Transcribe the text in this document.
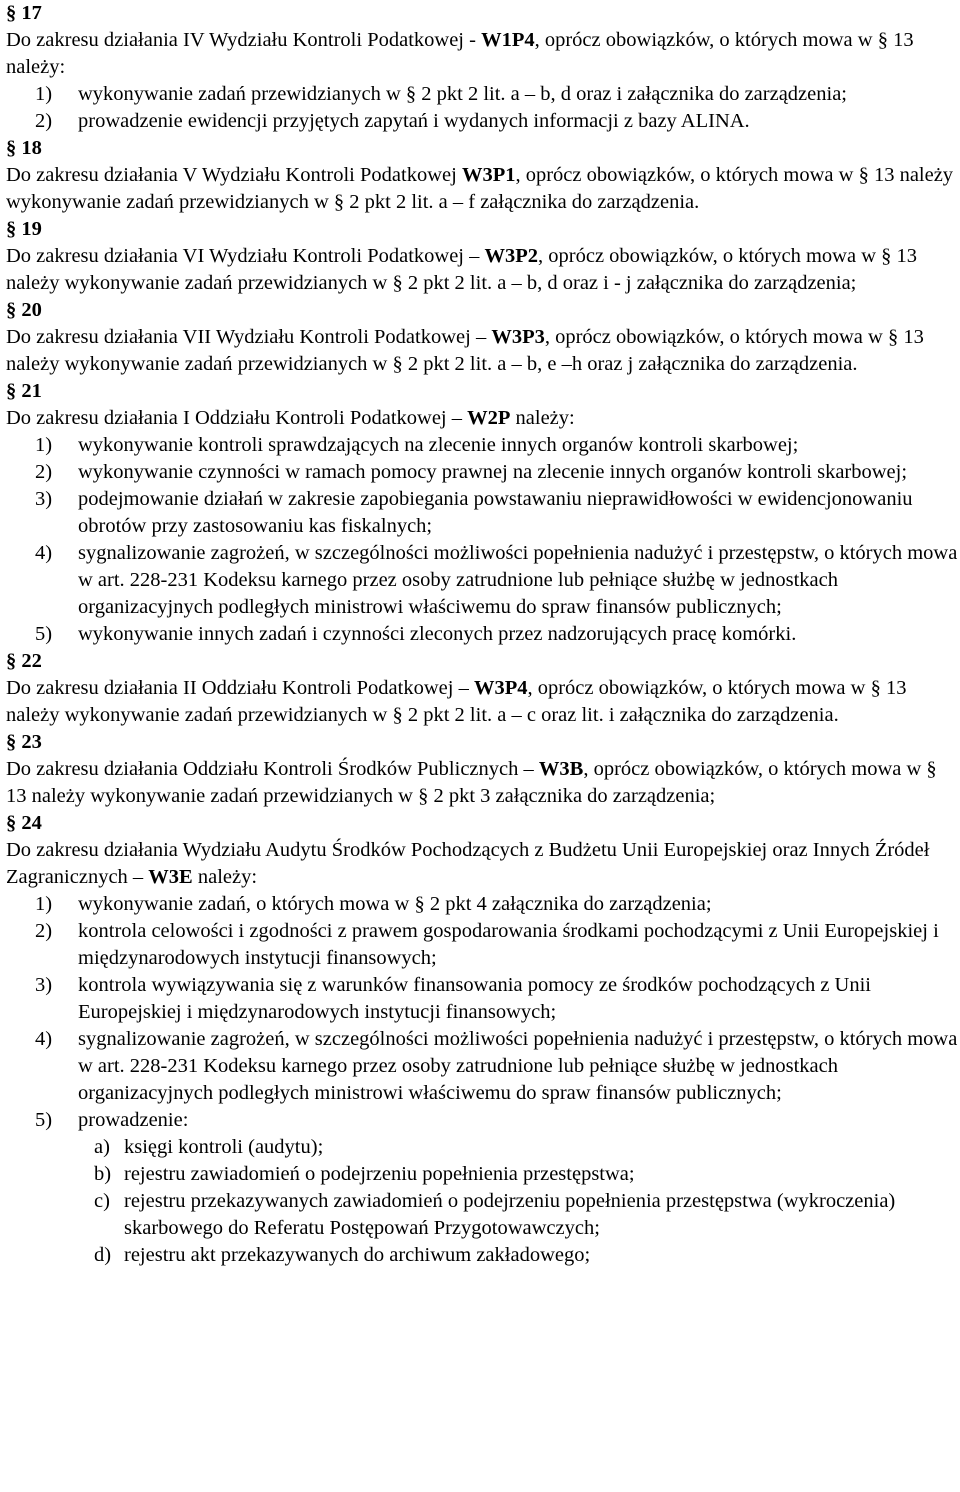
§ 17

Do zakresu działania IV Wydziału Kontroli Podatkowej - W1P4, oprócz obowiązków, o których mowa w § 13 należy:

1) wykonywanie zadań przewidzianych w § 2 pkt 2 lit. a – b, d oraz i załącznika do zarządzenia;
2) prowadzenie ewidencji przyjętych zapytań i wydanych informacji z bazy ALINA.
§ 18

Do zakresu działania V Wydziału Kontroli Podatkowej W3P1, oprócz obowiązków, o których mowa w § 13 należy wykonywanie zadań przewidzianych w § 2 pkt 2 lit. a – f załącznika do zarządzenia.

§ 19

Do zakresu działania VI Wydziału Kontroli Podatkowej – W3P2, oprócz obowiązków, o których mowa w § 13 należy wykonywanie zadań przewidzianych w § 2 pkt 2 lit. a – b, d oraz i - j załącznika do zarządzenia;

§ 20

Do zakresu działania VII Wydziału Kontroli Podatkowej – W3P3, oprócz obowiązków, o których mowa w § 13 należy wykonywanie zadań przewidzianych w § 2 pkt 2 lit. a – b, e –h oraz j załącznika do zarządzenia.

§ 21

Do zakresu działania I Oddziału Kontroli Podatkowej – W2P należy:

1) wykonywanie kontroli sprawdzających na zlecenie innych organów kontroli skarbowej;
2) wykonywanie czynności w ramach pomocy prawnej na zlecenie innych organów kontroli skarbowej;
3) podejmowanie działań w zakresie zapobiegania powstawaniu nieprawidłowości w ewidencjonowaniu obrotów przy zastosowaniu kas fiskalnych;
4) sygnalizowanie zagrożeń, w szczególności możliwości popełnienia nadużyć i przestępstw, o których mowa w art. 228-231 Kodeksu karnego przez osoby zatrudnione lub pełniące służbę w jednostkach organizacyjnych podległych ministrowi właściwemu do spraw finansów publicznych;
5) wykonywanie innych zadań i czynności zleconych przez nadzorujących pracę komórki.
§ 22

Do zakresu działania II Oddziału Kontroli Podatkowej – W3P4, oprócz obowiązków, o których mowa w § 13 należy wykonywanie zadań przewidzianych w § 2 pkt 2 lit. a – c oraz lit. i załącznika do zarządzenia.

§ 23

Do zakresu działania Oddziału Kontroli Środków Publicznych – W3B, oprócz obowiązków, o których mowa w § 13 należy wykonywanie zadań przewidzianych w § 2 pkt 3 załącznika do zarządzenia;

§ 24

Do zakresu działania Wydziału Audytu Środków Pochodzących z Budżetu Unii Europejskiej oraz Innych Źródeł Zagranicznych – W3E należy:

1) wykonywanie zadań, o których mowa w § 2 pkt 4 załącznika do zarządzenia;
2) kontrola celowości i zgodności z prawem gospodarowania środkami pochodzącymi z Unii Europejskiej i międzynarodowych instytucji finansowych;
3) kontrola wywiązywania się z warunków finansowania pomocy ze środków pochodzących z Unii Europejskiej i międzynarodowych instytucji finansowych;
4) sygnalizowanie zagrożeń, w szczególności możliwości popełnienia nadużyć i przestępstw, o których mowa w art. 228-231 Kodeksu karnego przez osoby zatrudnione lub pełniące służbę w jednostkach organizacyjnych podległych ministrowi właściwemu do spraw finansów publicznych;
5) prowadzenie:
a) księgi kontroli (audytu);
b) rejestru zawiadomień o podejrzeniu popełnienia przestępstwa;
c) rejestru przekazywanych zawiadomień o podejrzeniu popełnienia przestępstwa (wykroczenia) skarbowego do Referatu Postępowań Przygotowawczych;
d) rejestru akt przekazywanych do archiwum zakładowego;
